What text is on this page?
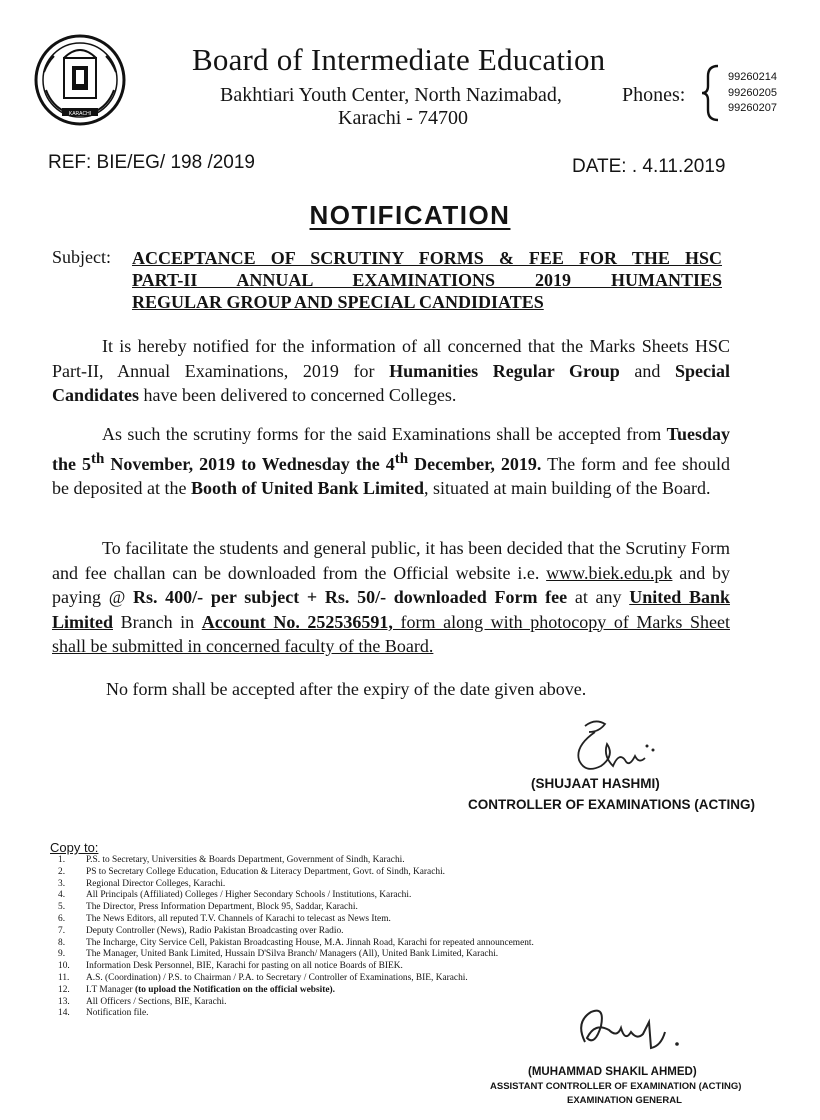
KARACHI
Board of Intermediate Education
Bakhtiari Youth Center, North Nazimabad,	Phones:
Karachi - 74700
99260214
99260205
99260207
REF: BIE/EG/ 198 /2019	DATE: . 4.11.2019
NOTIFICATION
Subject: ACCEPTANCE OF SCRUTINY FORMS & FEE FOR THE HSC
PART-II ANNUAL EXAMINATIONS 2019 HUMANTIES
REGULAR GROUP AND SPECIAL CANDIDIATES
It is hereby notified for the information of all concerned that the Marks Sheets HSC Part-II, Annual Examinations, 2019 for Humanities Regular Group and Special Candidates have been delivered to concerned Colleges.
As such the scrutiny forms for the said Examinations shall be accepted from Tuesday the 5th November, 2019 to Wednesday the 4th December, 2019. The form and fee should be deposited at the Booth of United Bank Limited, situated at main building of the Board.
To facilitate the students and general public, it has been decided that the Scrutiny Form and fee challan can be downloaded from the Official website i.e. www.biek.edu.pk and by paying @ Rs. 400/- per subject + Rs. 50/- downloaded Form fee at any United Bank Limited Branch in Account No. 252536591, form along with photocopy of Marks Sheet shall be submitted in concerned faculty of the Board.
No form shall be accepted after the expiry of the date given above.
(SHUJAAT HASHMI)
CONTROLLER OF EXAMINATIONS (ACTING)
Copy to:
1. P.S. to Secretary, Universities & Boards Department, Government of Sindh, Karachi.
2. PS to Secretary College Education, Education & Literacy Department, Govt. of Sindh, Karachi.
3. Regional Director Colleges, Karachi.
4. All Principals (Affiliated) Colleges / Higher Secondary Schools / Institutions, Karachi.
5. The Director, Press Information Department, Block 95, Saddar, Karachi.
6. The News Editors, all reputed T.V. Channels of Karachi to telecast as News Item.
7. Deputy Controller (News), Radio Pakistan Broadcasting over Radio.
8. The Incharge, City Service Cell, Pakistan Broadcasting House, M.A. Jinnah Road, Karachi for repeated announcement.
9. The Manager, United Bank Limited, Hussain D'Silva Branch/ Managers (All), United Bank Limited, Karachi.
10. Information Desk Personnel, BIE, Karachi for pasting on all notice Boards of BIEK.
11. A.S. (Coordination) / P.S. to Chairman / P.A. to Secretary / Controller of Examinations, BIE, Karachi.
12. I.T Manager (to upload the Notification on the official website).
13. All Officers / Sections, BIE, Karachi.
14. Notification file.
(MUHAMMAD SHAKIL AHMED)
ASSISTANT CONTROLLER OF EXAMINATION (ACTING)
EXAMINATION GENERAL
